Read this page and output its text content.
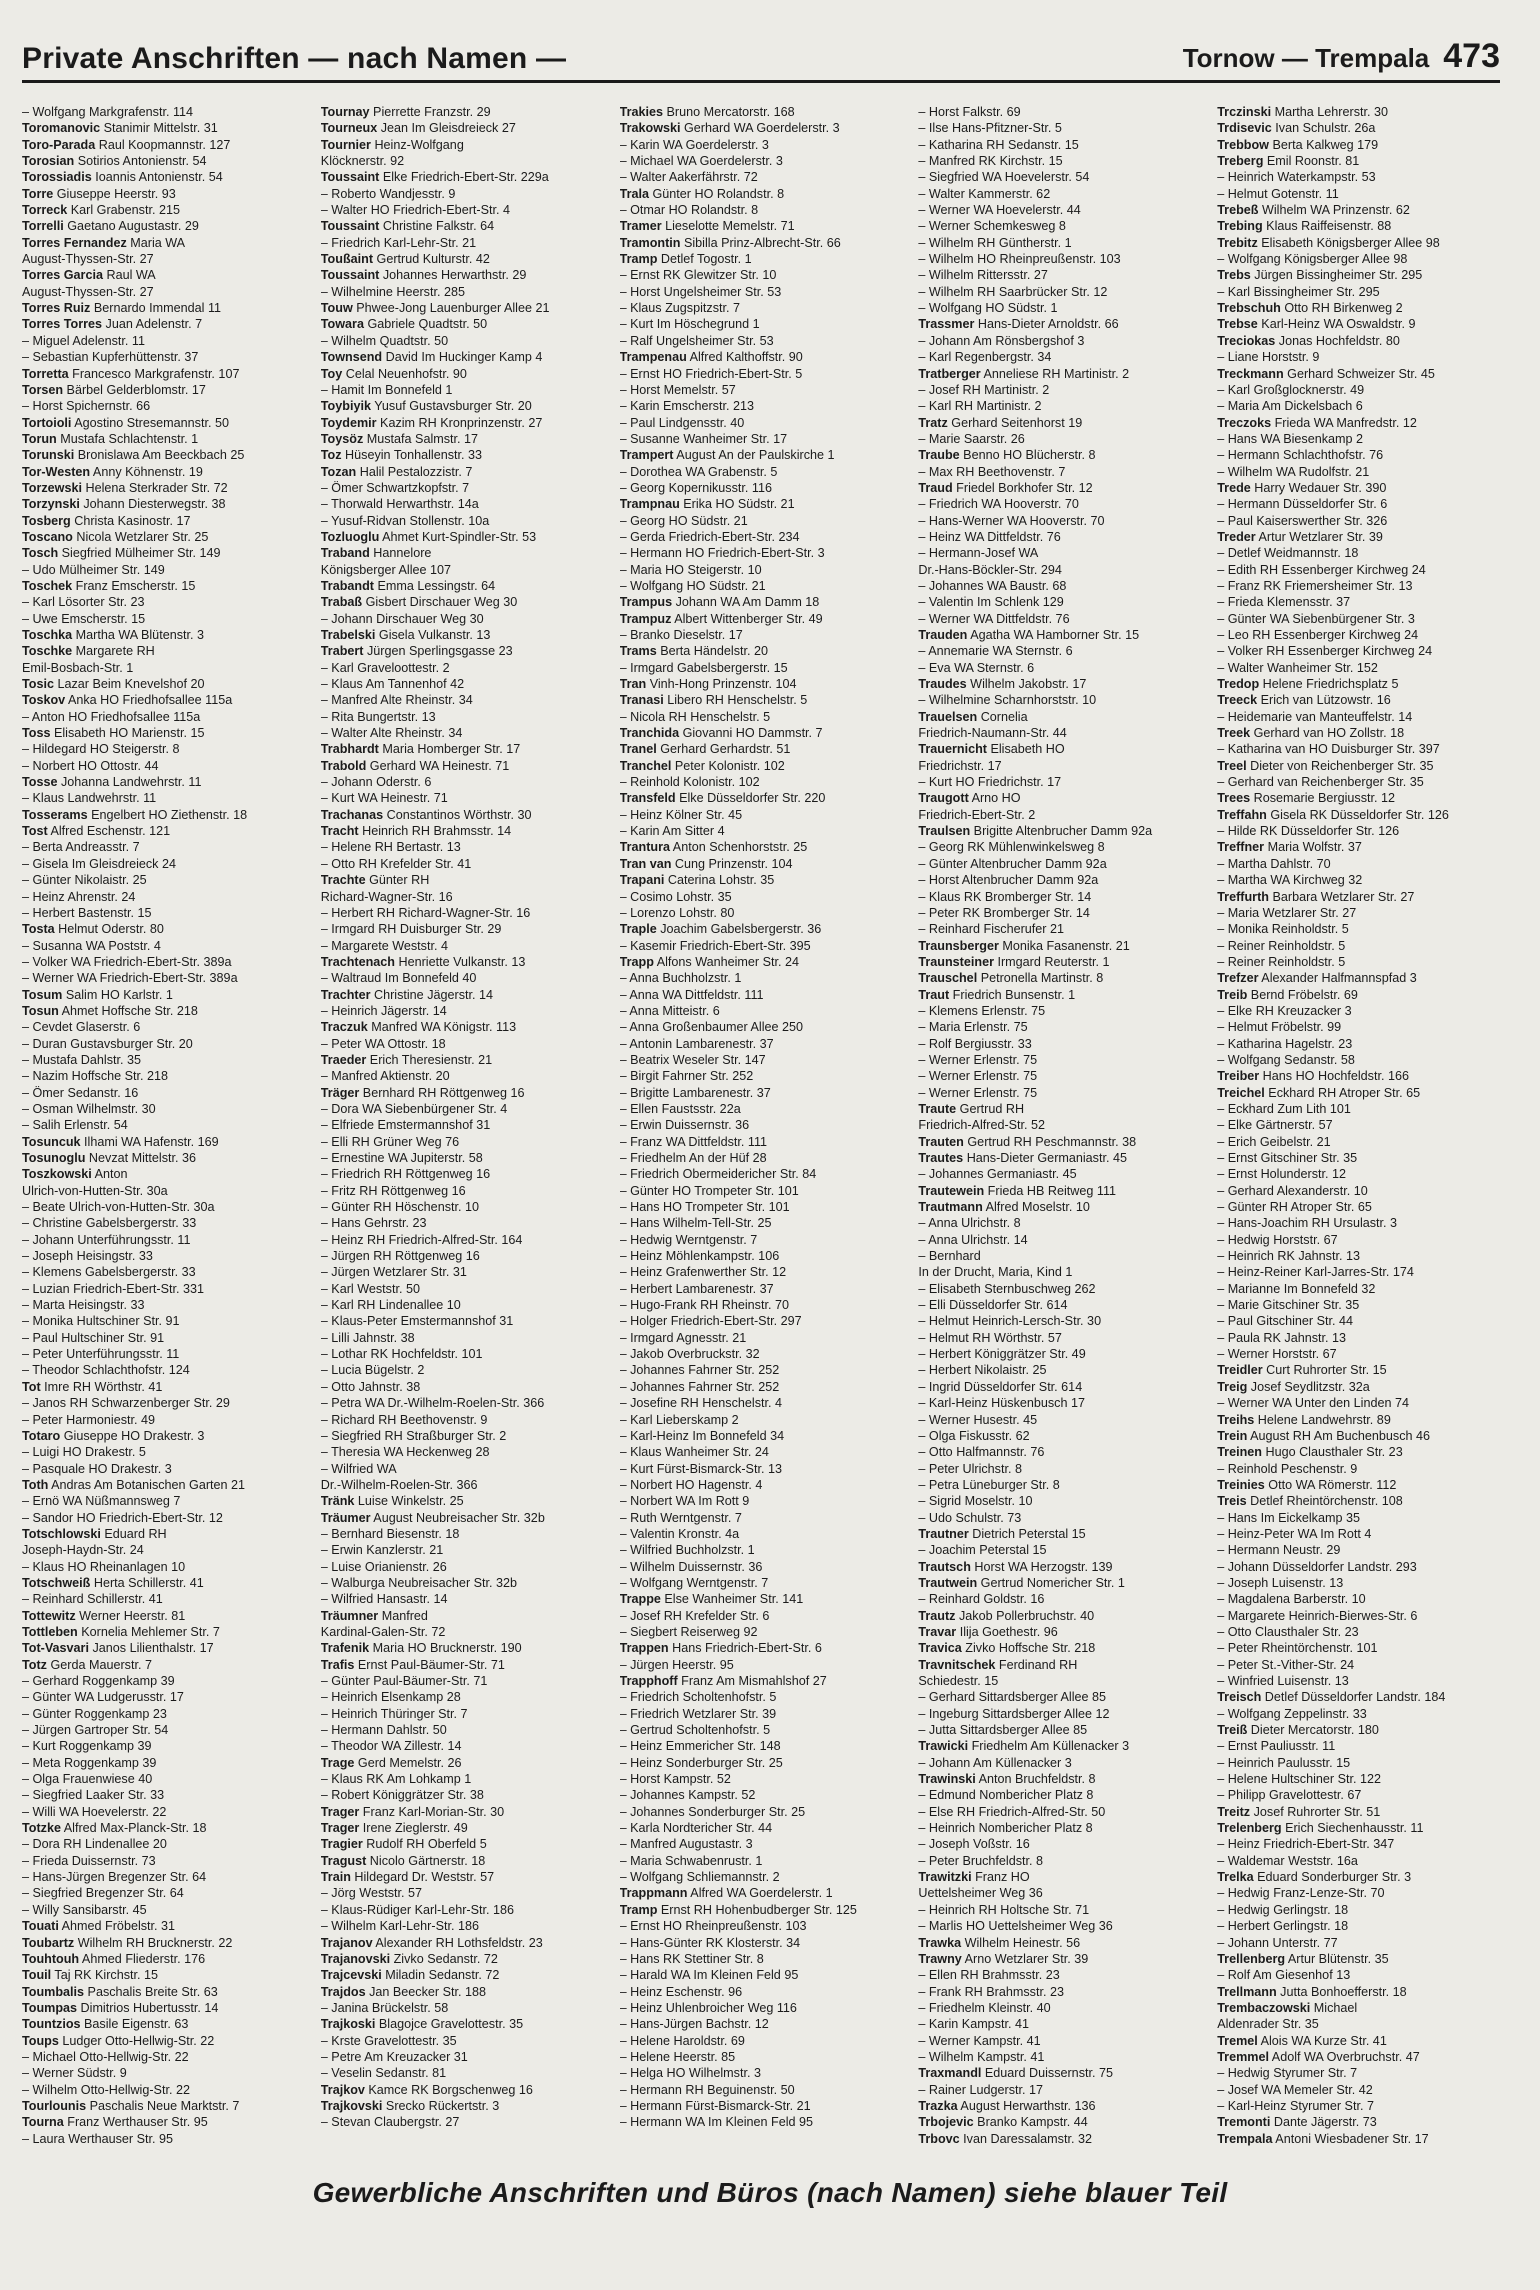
Private Anschriften — nach Namen —	Tornow — Trempala 473
– Wolfgang Markgrafenstr. 114
Toromanovic Stanimir Mittelstr. 31
Toro-Parada Raul Koopmannstr. 127
Torosian Sotirios Antonienstr. 54
Torossiadis Ioannis Antonienstr. 54
Torre Giuseppe Heerstr. 93
Torreck Karl Grabenstr. 215
Torrelli Gaetano Augustastr. 29
Torres Fernandez Maria WA
August-Thyssen-Str. 27
Torres Garcia Raul WA
August-Thyssen-Str. 27
Torres Ruiz Bernardo Immendal 11
Torres Torres Juan Adelenstr. 7
– Miguel Adelenstr. 11
– Sebastian Kupferhüttenstr. 37
Torretta Francesco Markgrafenstr. 107
Torsen Bärbel Gelderblomstr. 17
– Horst Spichernstr. 66
Tortoioli Agostino Stresemannstr. 50
Torun Mustafa Schlachtenstr. 1
Torunski Bronislawa Am Beeckbach 25
Tor-Westen Anny Köhnenstr. 19
Torzewski Helena Sterkrader Str. 72
Torzynski Johann Diesterwegstr. 38
Tosberg Christa Kasinostr. 17
Toscano Nicola Wetzlarer Str. 25
Tosch Siegfried Mülheimer Str. 149
– Udo Mülheimer Str. 149
Toschek Franz Emscherstr. 15
– Karl Lösorter Str. 23
– Uwe Emscherstr. 15
Toschka Martha WA Blütenstr. 3
Toschke Margarete RH
Emil-Bosbach-Str. 1
Tosic Lazar Beim Knevelshof 20
Toskov Anka HO Friedhofsallee 115a
– Anton HO Friedhofsallee 115a
Toss Elisabeth HO Marienstr. 15
– Hildegard HO Steigerstr. 8
– Norbert HO Ottostr. 44
Tosse Johanna Landwehrstr. 11
– Klaus Landwehrstr. 11
Tosserams Engelbert HO Ziethenstr. 18
Tost Alfred Eschenstr. 121
– Berta Andreasstr. 7
– Gisela Im Gleisdreieck 24
– Günter Nikolaistr. 25
– Heinz Ahrenstr. 24
– Herbert Bastenstr. 15
Tosta Helmut Oderstr. 80
– Susanna WA Poststr. 4
– Volker WA Friedrich-Ebert-Str. 389a
– Werner WA Friedrich-Ebert-Str. 389a
Tosum Salim HO Karlstr. 1
Tosun Ahmet Hoffsche Str. 218
– Cevdet Glaserstr. 6
– Duran Gustavsburger Str. 20
– Mustafa Dahlstr. 35
– Nazim Hoffsche Str. 218
– Ömer Sedanstr. 16
– Osman Wilhelmstr. 30
– Salih Erlenstr. 54
Tosuncuk Ilhami WA Hafenstr. 169
Tosunoglu Nevzat Mittelstr. 36
Toszkowski Anton
Ulrich-von-Hutten-Str. 30a
– Beate Ulrich-von-Hutten-Str. 30a
– Christine Gabelsbergerstr. 33
– Johann Unterführungsstr. 11
– Joseph Heisingstr. 33
– Klemens Gabelsbergerstr. 33
– Luzian Friedrich-Ebert-Str. 331
– Marta Heisingstr. 33
– Monika Hultschiner Str. 91
– Paul Hultschiner Str. 91
– Peter Unterführungsstr. 11
– Theodor Schlachthofstr. 124
Tot Imre RH Wörthstr. 41
– Janos RH Schwarzenberger Str. 29
– Peter Harmoniestr. 49
Totaro Giuseppe HO Drakestr. 3
– Luigi HO Drakestr. 5
– Pasquale HO Drakestr. 3
Toth Andras Am Botanischen Garten 21
– Ernö WA Nüßmannsweg 7
– Sandor HO Friedrich-Ebert-Str. 12
Totschlowski Eduard RH
Joseph-Haydn-Str. 24
– Klaus HO Rheinanlagen 10
Totschweiß Herta Schillerstr. 41
– Reinhard Schillerstr. 41
Tottewitz Werner Heerstr. 81
Tottleben Kornelia Mehlemer Str. 7
Tot-Vasvari Janos Lilienthalstr. 17
Totz Gerda Mauerstr. 7
– Gerhard Roggenkamp 39
– Günter WA Ludgerusstr. 17
– Günter Roggenkamp 23
– Jürgen Gartroper Str. 54
– Kurt Roggenkamp 39
– Meta Roggenkamp 39
– Olga Frauenwiese 40
– Siegfried Laaker Str. 33
– Willi WA Hoevelerstr. 22
Totzke Alfred Max-Planck-Str. 18
– Dora RH Lindenallee 20
– Frieda Duissernstr. 73
– Hans-Jürgen Bregenzer Str. 64
– Siegfried Bregenzer Str. 64
– Willy Sansibarstr. 45
Touati Ahmed Fröbelstr. 31
Toubartz Wilhelm RH Brucknerstr. 22
Touhtouh Ahmed Fliederstr. 176
Touil Taj RK Kirchstr. 15
Toumbalis Paschalis Breite Str. 63
Toumpas Dimitrios Hubertusstr. 14
Tountzios Basile Eigenstr. 63
Toups Ludger Otto-Hellwig-Str. 22
– Michael Otto-Hellwig-Str. 22
– Werner Südstr. 9
– Wilhelm Otto-Hellwig-Str. 22
Tourlounis Paschalis Neue Marktstr. 7
Tourna Franz Werthauser Str. 95
– Laura Werthauser Str. 95
Tournay Pierrette Franzstr. 29
Tourneux Jean Im Gleisdreieck 27
Tournier Heinz-Wolfgang
Klöcknerstr. 92
Toussaint Elke Friedrich-Ebert-Str. 229a
– Roberto Wandjesstr. 9
– Walter HO Friedrich-Ebert-Str. 4
Toussaint Christine Falkstr. 64
– Friedrich Karl-Lehr-Str. 21
Toußaint Gertrud Kulturstr. 42
Toussaint Johannes Herwarthstr. 29
– Wilhelmine Heerstr. 285
Touw Phwee-Jong Lauenburger Allee 21
Towara Gabriele Quadtstr. 50
– Wilhelm Quadtstr. 50
Townsend David Im Huckinger Kamp 4
Toy Celal Neuenhofstr. 90
– Hamit Im Bonnefeld 1
Toybiyik Yusuf Gustavsburger Str. 20
Toydemir Kazim RH Kronprinzenstr. 27
Toysöz Mustafa Salmstr. 17
Toz Hüseyin Tonhallenstr. 33
Tozan Halil Pestalozzistr. 7
– Ömer Schwartzkopfstr. 7
– Thorwald Herwarthstr. 14a
– Yusuf-Ridvan Stollenstr. 10a
Tozluoglu Ahmet Kurt-Spindler-Str. 53
Traband Hannelore
Königsberger Allee 107
Trabandt Emma Lessingstr. 64
Trabaß Gisbert Dirschauer Weg 30
– Johann Dirschauer Weg 30
Trabelski Gisela Vulkanstr. 13
Trabert Jürgen Sperlingsgasse 23
– Karl Graveloottestr. 2
– Klaus Am Tannenhof 42
– Manfred Alte Rheinstr. 34
– Rita Bungertstr. 13
– Walter Alte Rheinstr. 34
Trabhardt Maria Homberger Str. 17
Trabold Gerhard WA Heinestr. 71
– Johann Oderstr. 6
– Kurt WA Heinestr. 71
Trachanas Constantinos Wörthstr. 30
Tracht Heinrich RH Brahmsstr. 14
– Helene RH Bertastr. 13
– Otto RH Krefelder Str. 41
Trachte Günter RH
Richard-Wagner-Str. 16
– Herbert RH Richard-Wagner-Str. 16
– Irmgard RH Duisburger Str. 29
– Margarete Weststr. 4
Trachtenach Henriette Vulkanstr. 13
– Waltraud Im Bonnefeld 40
Trachter Christine Jägerstr. 14
– Heinrich Jägerstr. 14
Traczuk Manfred WA Königstr. 113
– Peter WA Ottostr. 18
Traeder Erich Theresienstr. 21
– Manfred Aktienstr. 20
Träger Bernhard RH Röttgenweg 16
– Dora WA Siebenbürgener Str. 4
– Elfriede Emstermannshof 31
– Elli RH Grüner Weg 76
– Ernestine WA Jupiterstr. 58
– Friedrich RH Röttgenweg 16
– Fritz RH Röttgenweg 16
– Günter RH Höschenstr. 10
– Hans Gehrstr. 23
– Heinz RH Friedrich-Alfred-Str. 164
– Jürgen RH Röttgenweg 16
– Jürgen Wetzlarer Str. 31
– Karl Weststr. 50
– Karl RH Lindenallee 10
– Klaus-Peter Emstermannshof 31
– Lilli Jahnstr. 38
– Lothar RK Hochfeldstr. 101
– Lucia Bügelstr. 2
– Otto Jahnstr. 38
– Petra WA Dr.-Wilhelm-Roelen-Str. 366
– Richard RH Beethovenstr. 9
– Siegfried RH Straßburger Str. 2
– Theresia WA Heckenweg 28
– Wilfried WA
Dr.-Wilhelm-Roelen-Str. 366
Tränk Luise Winkelstr. 25
Träumer August Neubreisacher Str. 32b
– Bernhard Biesenstr. 18
– Erwin Kanzlerstr. 21
– Luise Orianienstr. 26
– Walburga Neubreisacher Str. 32b
– Wilfried Hansastr. 14
Träumner Manfred
Kardinal-Galen-Str. 72
Trafenik Maria HO Brucknerstr. 190
Trafis Ernst Paul-Bäumer-Str. 71
– Günter Paul-Bäumer-Str. 71
– Heinrich Elsenkamp 28
– Heinrich Thüringer Str. 7
– Hermann Dahlstr. 50
– Theodor WA Zillestr. 14
Trage Gerd Memelstr. 26
– Klaus RK Am Lohkamp 1
– Robert Königgrätzer Str. 38
Trager Franz Karl-Morian-Str. 30
Trager Irene Zieglerstr. 49
Tragier Rudolf RH Oberfeld 5
Tragust Nicolo Gärtnerstr. 18
Train Hildegard Dr. Weststr. 57
– Jörg Weststr. 57
– Klaus-Rüdiger Karl-Lehr-Str. 186
– Wilhelm Karl-Lehr-Str. 186
Trajanov Alexander RH Lothsfeldstr. 23
Trajanovski Zivko Sedanstr. 72
Trajcevski Miladin Sedanstr. 72
Trajdos Jan Beecker Str. 188
– Janina Brückelstr. 58
Trajkoski Blagojce Gravelottestr. 35
– Krste Gravelottestr. 35
– Petre Am Kreuzacker 31
– Veselin Sedanstr. 81
Trajkov Kamce RK Borgschenweg 16
Trajkovski Srecko Rückertstr. 3
– Stevan Claubergstr. 27
Trakies Bruno Mercatorstr. 168
Trakowski Gerhard WA Goerdelerstr. 3
– Karin WA Goerdelerstr. 3
– Michael WA Goerdelerstr. 3
– Walter Aakerfährstr. 72
Trala Günter HO Rolandstr. 8
– Otmar HO Rolandstr. 8
Tramer Lieselotte Memelstr. 71
Tramontin Sibilla Prinz-Albrecht-Str. 66
Tramp Detlef Togostr. 1
– Ernst RK Glewitzer Str. 10
– Horst Ungelsheimer Str. 53
– Klaus Zugspitzstr. 7
– Kurt Im Höschegrund 1
– Ralf Ungelsheimer Str. 53
Trampenau Alfred Kalthoffstr. 90
– Ernst HO Friedrich-Ebert-Str. 5
– Horst Memelstr. 57
– Karin Emscherstr. 213
– Paul Lindgensstr. 40
– Susanne Wanheimer Str. 17
Trampert August An der Paulskirche 1
– Dorothea WA Grabenstr. 5
– Georg Kopernikusstr. 116
Trampnau Erika HO Südstr. 21
– Georg HO Südstr. 21
– Gerda Friedrich-Ebert-Str. 234
– Hermann HO Friedrich-Ebert-Str. 3
– Maria HO Steigerstr. 10
– Wolfgang HO Südstr. 21
Trampus Johann WA Am Damm 18
Trampuz Albert Wittenberger Str. 49
– Branko Dieselstr. 17
Trams Berta Händelstr. 20
– Irmgard Gabelsbergerstr. 15
Tran Vinh-Hong Prinzenstr. 104
Tranasi Libero RH Henschelstr. 5
– Nicola RH Henschelstr. 5
Tranchida Giovanni HO Dammstr. 7
Tranel Gerhard Gerhardstr. 51
Tranchel Peter Kolonistr. 102
– Reinhold Kolonistr. 102
Transfeld Elke Düsseldorfer Str. 220
– Heinz Kölner Str. 45
– Karin Am Sitter 4
Trantura Anton Schenhorststr. 25
Tran van Cung Prinzenstr. 104
Trapani Caterina Lohstr. 35
– Cosimo Lohstr. 35
– Lorenzo Lohstr. 80
Traple Joachim Gabelsbergerstr. 36
– Kasemir Friedrich-Ebert-Str. 395
Trapp Alfons Wanheimer Str. 24
– Anna Buchholzstr. 1
– Anna WA Dittfeldstr. 111
– Anna Mitteistr. 6
– Anna Großenbaumer Allee 250
– Antonin Lambarenestr. 37
– Beatrix Weseler Str. 147
– Birgit Fahrner Str. 252
– Brigitte Lambarenestr. 37
– Ellen Faustsstr. 22a
– Erwin Duissernstr. 36
– Franz WA Dittfeldstr. 111
– Friedhelm An der Hüf 28
– Friedrich Obermeidericher Str. 84
– Günter HO Trompeter Str. 101
– Hans HO Trompeter Str. 101
– Hans Wilhelm-Tell-Str. 25
– Hedwig Werntgenstr. 7
– Heinz Möhlenkampstr. 106
– Heinz Grafenwerther Str. 12
– Herbert Lambarenestr. 37
– Hugo-Frank RH Rheinstr. 70
– Holger Friedrich-Ebert-Str. 297
– Irmgard Agnesstr. 21
– Jakob Overbruckstr. 32
– Johannes Fahrner Str. 252
– Johannes Fahrner Str. 252
– Josefine RH Henschelstr. 4
– Karl Lieberskamp 2
– Karl-Heinz Im Bonnefeld 34
– Klaus Wanheimer Str. 24
– Kurt Fürst-Bismarck-Str. 13
– Norbert HO Hagenstr. 4
– Norbert WA Im Rott 9
– Ruth Werntgenstr. 7
– Valentin Kronstr. 4a
– Wilfried Buchholzstr. 1
– Wilhelm Duissernstr. 36
– Wolfgang Werntgenstr. 7
Trappe Else Wanheimer Str. 141
– Josef RH Krefelder Str. 6
– Siegbert Reiserweg 92
Trappen Hans Friedrich-Ebert-Str. 6
– Jürgen Heerstr. 95
Trapphoff Franz Am Mismahlshof 27
– Friedrich Scholtenhofstr. 5
– Friedrich Wetzlarer Str. 39
– Gertrud Scholtenhofstr. 5
– Heinz Emmericher Str. 148
– Heinz Sonderburger Str. 25
– Horst Kampstr. 52
– Johannes Kampstr. 52
– Johannes Sonderburger Str. 25
– Karla Nordtericher Str. 44
– Manfred Augustastr. 3
– Maria Schwabenrustr. 1
– Wolfgang Schliemannstr. 2
Trappmann Alfred WA Goerdelerstr. 1
Tramp Ernst RH Hohenbudberger Str. 125
– Ernst HO Rheinpreußenstr. 103
– Hans-Günter RK Klosterstr. 34
– Hans RK Stettiner Str. 8
– Harald WA Im Kleinen Feld 95
– Heinz Eschenstr. 96
– Heinz Uhlenbroicher Weg 116
– Hans-Jürgen Bachstr. 12
– Helene Haroldstr. 69
– Helene Heerstr. 85
– Helga HO Wilhelmstr. 3
– Hermann RH Beguinenstr. 50
– Hermann Fürst-Bismarck-Str. 21
– Hermann WA Im Kleinen Feld 95
– Horst Falkstr. 69
– Ilse Hans-Pfitzner-Str. 5
– Katharina RH Sedanstr. 15
– Manfred RK Kirchstr. 15
– Siegfried WA Hoevelerstr. 54
– Walter Kammerstr. 62
– Werner WA Hoevelerstr. 44
– Werner Schemkesweg 8
– Wilhelm RH Güntherstr. 1
– Wilhelm HO Rheinpreußenstr. 103
– Wilhelm Rittersstr. 27
– Wilhelm RH Saarbrücker Str. 12
– Wolfgang HO Südstr. 1
Trassmer Hans-Dieter Arnoldstr. 66
– Johann Am Rönsbergshof 3
– Karl Regenbergstr. 34
Tratberger Anneliese RH Martinistr. 2
– Josef RH Martinistr. 2
– Karl RH Martinistr. 2
Tratz Gerhard Seitenhorst 19
– Marie Saarstr. 26
Traube Benno HO Blücherstr. 8
– Max RH Beethovenstr. 7
Traud Friedel Borkhofer Str. 12
– Friedrich WA Hooverstr. 70
– Hans-Werner WA Hooverstr. 70
– Heinz WA Dittfeldstr. 76
– Hermann-Josef WA
Dr.-Hans-Böckler-Str. 294
– Johannes WA Baustr. 68
– Valentin Im Schlenk 129
– Werner WA Dittfeldstr. 76
Trauden Agatha WA Hamborner Str. 15
– Annemarie WA Sternstr. 6
– Eva WA Sternstr. 6
Traudes Wilhelm Jakobstr. 17
– Wilhelmine Scharnhorststr. 10
Trauelsen Cornelia
Friedrich-Naumann-Str. 44
Trauernicht Elisabeth HO
Friedrichstr. 17
– Kurt HO Friedrichstr. 17
Traugott Arno HO
Friedrich-Ebert-Str. 2
Traulsen Brigitte Altenbrucher Damm 92a
– Georg RK Mühlenwinkelsweg 8
– Günter Altenbrucher Damm 92a
– Horst Altenbrucher Damm 92a
– Klaus RK Bromberger Str. 14
– Peter RK Bromberger Str. 14
– Reinhard Fischerufer 21
Traunsberger Monika Fasanenstr. 21
Traunsteiner Irmgard Reuterstr. 1
Trauschel Petronella Martinstr. 8
Traut Friedrich Bunsenstr. 1
– Klemens Erlenstr. 75
– Maria Erlenstr. 75
– Rolf Bergiusstr. 33
– Werner Erlenstr. 75
– Werner Erlenstr. 75
– Werner Erlenstr. 75
Traute Gertrud RH
Friedrich-Alfred-Str. 52
Trauten Gertrud RH Peschmannstr. 38
Trautes Hans-Dieter Germaniastr. 45
– Johannes Germaniastr. 45
Trautewein Frieda HB Reitweg 111
Trautmann Alfred Moselstr. 10
– Anna Ulrichstr. 8
– Anna Ulrichstr. 14
– Bernhard
In der Drucht, Maria, Kind 1
– Elisabeth Sternbuschweg 262
– Elli Düsseldorfer Str. 614
– Helmut Heinrich-Lersch-Str. 30
– Helmut RH Wörthstr. 57
– Herbert Königgrätzer Str. 49
– Herbert Nikolaistr. 25
– Ingrid Düsseldorfer Str. 614
– Karl-Heinz Hüskenbusch 17
– Werner Husestr. 45
– Olga Fiskusstr. 62
– Otto Halfmannstr. 76
– Peter Ulrichstr. 8
– Petra Lüneburger Str. 8
– Sigrid Moselstr. 10
– Udo Schulstr. 73
Trautner Dietrich Peterstal 15
– Joachim Peterstal 15
Trautsch Horst WA Herzogstr. 139
Trautwein Gertrud Nomericher Str. 1
– Reinhard Goldstr. 16
Trautz Jakob Pollerbruchstr. 40
Travar Ilija Goethestr. 96
Travica Zivko Hoffsche Str. 218
Travnitschek Ferdinand RH
Schiedestr. 15
– Gerhard Sittardsberger Allee 85
– Ingeburg Sittardsberger Allee 12
– Jutta Sittardsberger Allee 85
Trawicki Friedhelm Am Küllenacker 3
– Johann Am Küllenacker 3
Trawinski Anton Bruchfeldstr. 8
– Edmund Nombericher Platz 8
– Else RH Friedrich-Alfred-Str. 50
– Heinrich Nombericher Platz 8
– Joseph Voßstr. 16
– Peter Bruchfeldstr. 8
Trawitzki Franz HO
Uettelsheimer Weg 36
– Heinrich RH Holtsche Str. 71
– Marlis HO Uettelsheimer Weg 36
Trawka Wilhelm Heinestr. 56
Trawny Arno Wetzlarer Str. 39
– Ellen RH Brahmsstr. 23
– Frank RH Brahmsstr. 23
– Friedhelm Kleinstr. 40
– Karin Kampstr. 41
– Werner Kampstr. 41
– Wilhelm Kampstr. 41
Traxmandl Eduard Duissernstr. 75
– Rainer Ludgerstr. 17
Trazka August Herwarthstr. 136
Trbojevic Branko Kampstr. 44
Trbovc Ivan Daressalamstr. 32
Trczinski Martha Lehrerstr. 30
Trdisevic Ivan Schulstr. 26a
Trebbow Berta Kalkweg 179
Treberg Emil Roonstr. 81
– Heinrich Waterkampstr. 53
– Helmut Gotenstr. 11
Trebeß Wilhelm WA Prinzenstr. 62
Trebing Klaus Raiffeisenstr. 88
Trebitz Elisabeth Königsberger Allee 98
– Wolfgang Königsberger Allee 98
Trebs Jürgen Bissingheimer Str. 295
– Karl Bissingheimer Str. 295
Trebschuh Otto RH Birkenweg 2
Trebse Karl-Heinz WA Oswaldstr. 9
Treciokas Jonas Hochfeldstr. 80
– Liane Horststr. 9
Treckmann Gerhard Schweizer Str. 45
– Karl Großglocknerstr. 49
– Maria Am Dickelsbach 6
Treczoks Frieda WA Manfredstr. 12
– Hans WA Biesenkamp 2
– Hermann Schlachthofstr. 76
– Wilhelm WA Rudolfstr. 21
Trede Harry Wedauer Str. 390
– Hermann Düsseldorfer Str. 6
– Paul Kaiserswerther Str. 326
Treder Artur Wetzlarer Str. 39
– Detlef Weidmannstr. 18
– Edith RH Essenberger Kirchweg 24
– Franz RK Friemersheimer Str. 13
– Frieda Klemensstr. 37
– Günter WA Siebenbürgener Str. 3
– Leo RH Essenberger Kirchweg 24
– Volker RH Essenberger Kirchweg 24
– Walter Wanheimer Str. 152
Tredop Helene Friedrichsplatz 5
Treeck Erich van Lützowstr. 16
– Heidemarie van Manteuffelstr. 14
Treek Gerhard van HO Zollstr. 18
– Katharina van HO Duisburger Str. 397
Treel Dieter von Reichenberger Str. 35
– Gerhard van Reichenberger Str. 35
Trees Rosemarie Bergiusstr. 12
Treffahn Gisela RK Düsseldorfer Str. 126
– Hilde RK Düsseldorfer Str. 126
Treffner Maria Wolfstr. 37
– Martha Dahlstr. 70
– Martha WA Kirchweg 32
Treffurth Barbara Wetzlarer Str. 27
– Maria Wetzlarer Str. 27
– Monika Reinholdstr. 5
– Reiner Reinholdstr. 5
– Reiner Reinholdstr. 5
Trefzer Alexander Halfmannspfad 3
Treib Bernd Fröbelstr. 69
– Elke RH Kreuzacker 3
– Helmut Fröbelstr. 99
– Katharina Hagelstr. 23
– Wolfgang Sedanstr. 58
Treiber Hans HO Hochfeldstr. 166
Treichel Eckhard RH Atroper Str. 65
– Eckhard Zum Lith 101
– Elke Gärtnerstr. 57
– Erich Geibelstr. 21
– Ernst Gitschiner Str. 35
– Ernst Holunderstr. 12
– Gerhard Alexanderstr. 10
– Günter RH Atroper Str. 65
– Hans-Joachim RH Ursulastr. 3
– Hedwig Horststr. 67
– Heinrich RK Jahnstr. 13
– Heinz-Reiner Karl-Jarres-Str. 174
– Marianne Im Bonnefeld 32
– Marie Gitschiner Str. 35
– Paul Gitschiner Str. 44
– Paula RK Jahnstr. 13
– Werner Horststr. 67
Treidler Curt Ruhrorter Str. 15
Treig Josef Seydlitzstr. 32a
– Werner WA Unter den Linden 74
Treihs Helene Landwehrstr. 89
Trein August RH Am Buchenbusch 46
Treinen Hugo Clausthaler Str. 23
– Reinhold Peschenstr. 9
Treinies Otto WA Römerstr. 112
Treis Detlef Rheintörchenstr. 108
– Hans Im Eickelkamp 35
– Heinz-Peter WA Im Rott 4
– Hermann Neustr. 29
– Johann Düsseldorfer Landstr. 293
– Joseph Luisenstr. 13
– Magdalena Barberstr. 10
– Margarete Heinrich-Bierwes-Str. 6
– Otto Clausthaler Str. 23
– Peter Rheintörchenstr. 101
– Peter St.-Vither-Str. 24
– Winfried Luisenstr. 13
Treisch Detlef Düsseldorfer Landstr. 184
– Wolfgang Zeppelinstr. 33
Treiß Dieter Mercatorstr. 180
– Ernst Pauliusstr. 11
– Heinrich Paulusstr. 15
– Helene Hultschiner Str. 122
– Philipp Gravelottestr. 67
Treitz Josef Ruhrorter Str. 51
Trelenberg Erich Siechenhausstr. 11
– Heinz Friedrich-Ebert-Str. 347
– Waldemar Weststr. 16a
Trelka Eduard Sonderburger Str. 3
– Hedwig Franz-Lenze-Str. 70
– Hedwig Gerlingstr. 18
– Herbert Gerlingstr. 18
– Johann Unterstr. 77
Trellenberg Artur Blütenstr. 35
– Rolf Am Giesenhof 13
Trellmann Jutta Bonhoefferstr. 18
Trembaczowski Michael
Aldenrader Str. 35
Tremel Alois WA Kurze Str. 41
Tremmel Adolf WA Overbruchstr. 47
– Hedwig Styrumer Str. 7
– Josef WA Memeler Str. 42
– Karl-Heinz Styrumer Str. 7
Tremonti Dante Jägerstr. 73
Trempala Antoni Wiesbadener Str. 17
Gewerbliche Anschriften und Büros (nach Namen) siehe blauer Teil
